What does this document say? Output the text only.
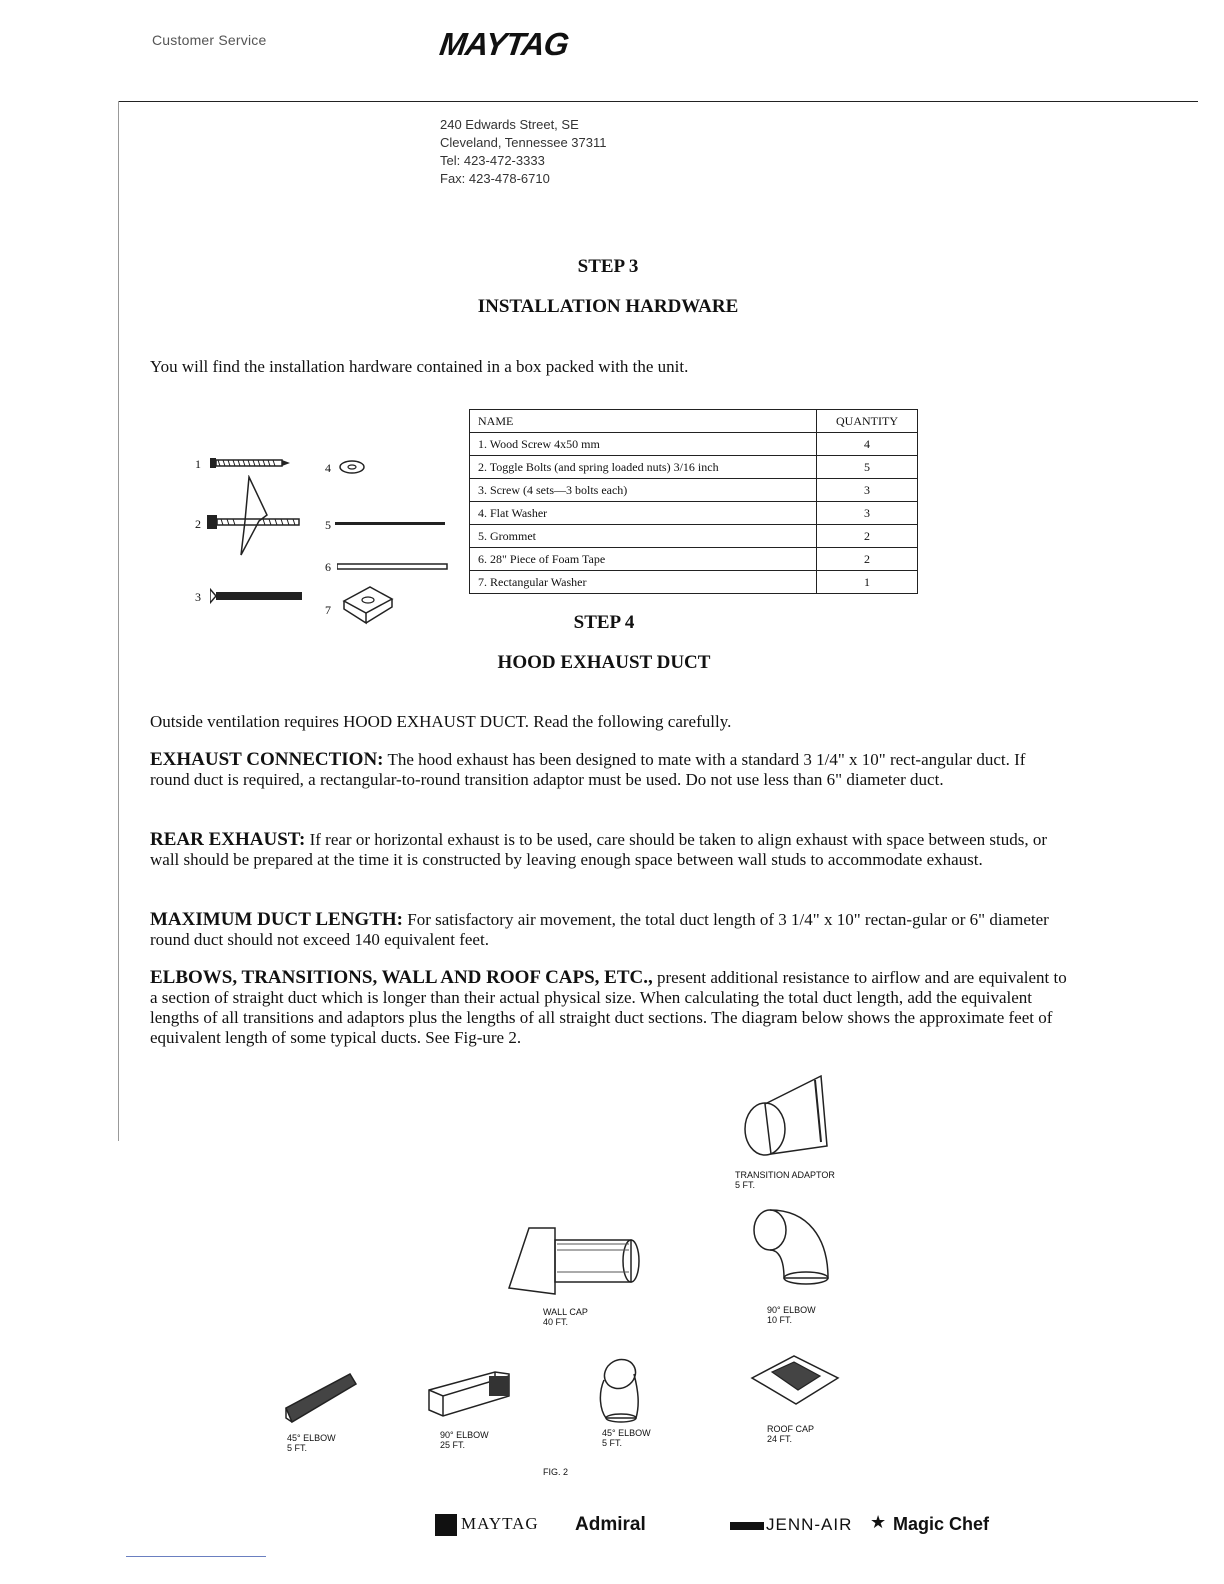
Customer Service	MAYTAG
240 Edwards Street, SE
Cleveland, Tennessee 37311
Tel: 423-472-3333
Fax: 423-478-6710
STEP 3
INSTALLATION HARDWARE
You will find the installation hardware contained in a box packed with the unit.
1	4
2	5
6
3
7
NAME	QUANTITY
1. Wood Screw 4x50 mm	4
2. Toggle Bolts (and spring loaded nuts) 3/16 inch	5
3. Screw (4 sets—3 bolts each)	3
4. Flat Washer	3
5. Grommet	2
6. 28" Piece of Foam Tape	2
7. Rectangular Washer	1
STEP 4
HOOD EXHAUST DUCT
Outside ventilation requires HOOD EXHAUST DUCT. Read the following carefully.
EXHAUST CONNECTION: The hood exhaust has been designed to mate with a standard 3 1/4" x 10" rect-angular duct. If round duct is required, a rectangular-to-round transition adaptor must be used. Do not use less than 6" diameter duct.
REAR EXHAUST: If rear or horizontal exhaust is to be used, care should be taken to align exhaust with space between studs, or wall should be prepared at the time it is constructed by leaving enough space between wall studs to accommodate exhaust.
MAXIMUM DUCT LENGTH: For satisfactory air movement, the total duct length of 3 1/4" x 10" rectan-gular or 6" diameter round duct should not exceed 140 equivalent feet.
ELBOWS, TRANSITIONS, WALL AND ROOF CAPS, ETC., present additional resistance to airflow and are equivalent to a section of straight duct which is longer than their actual physical size. When calculating the total duct length, add the equivalent lengths of all transitions and adaptors plus the lengths of all straight duct sections. The diagram below shows the approximate feet of equivalent length of some typical ducts. See Fig-ure 2.
TRANSITION ADAPTOR
5 FT.
WALL CAP
40 FT.
90° ELBOW
10 FT.
45° ELBOW
5 FT.
90° ELBOW
25 FT.
45° ELBOW
5 FT.
ROOF CAP
24 FT.
FIG. 2
MAYTAG Admiral	JENN-AIR ★ Magic Chef
